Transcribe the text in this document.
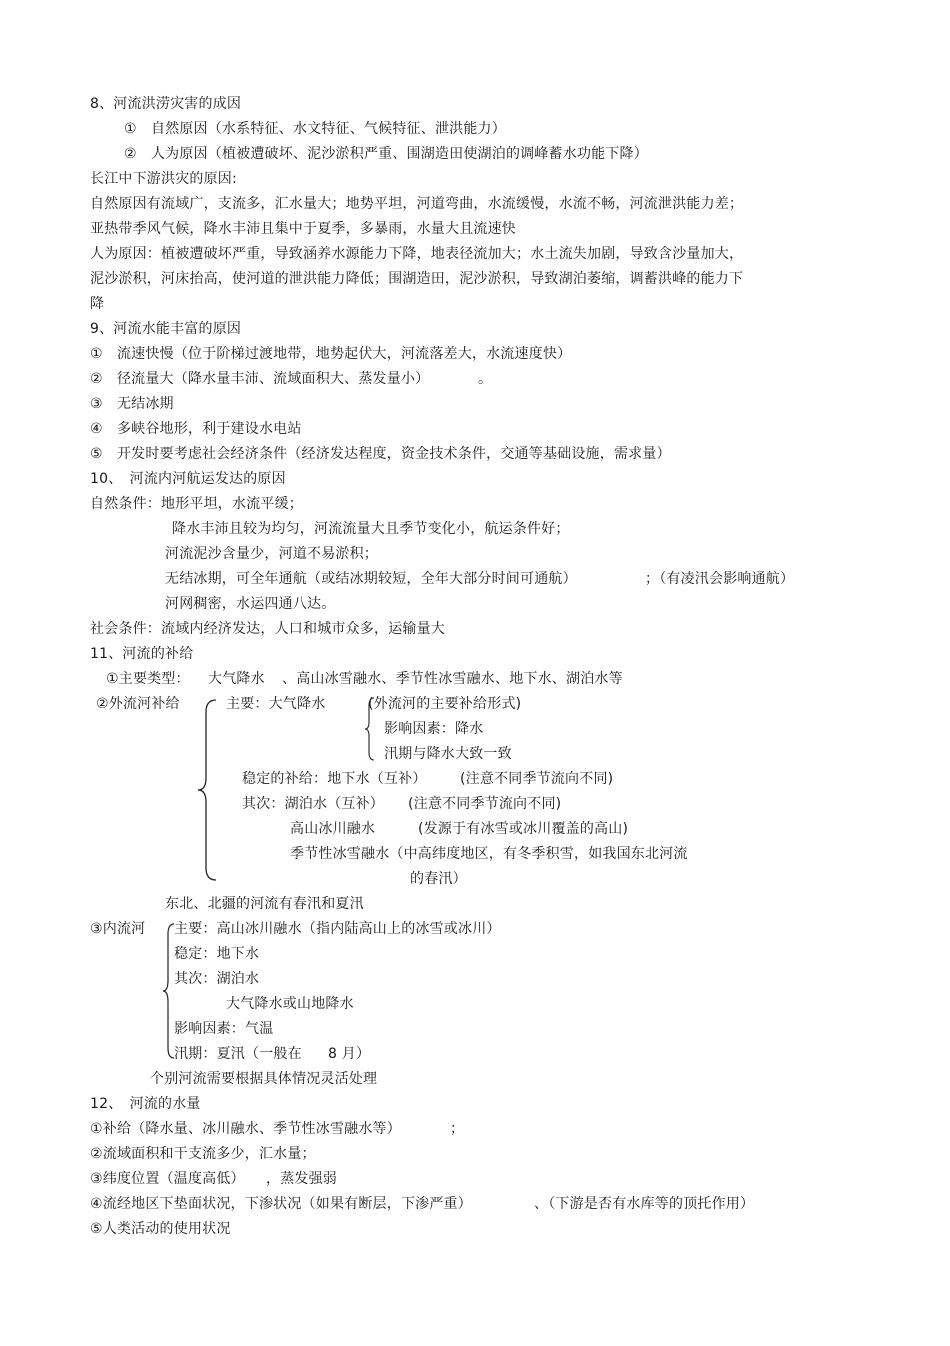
8、河流洪涝灾害的成因
①　自然原因（水系特征、水文特征、气候特征、泄洪能力）
②　人为原因（植被遭破坏、泥沙淤积严重、围湖造田使湖泊的调峰蓄水功能下降）
长江中下游洪灾的原因:
自然原因有流域广，支流多，汇水量大；地势平坦，河道弯曲，水流缓慢，水流不畅，河流泄洪能力差；
亚热带季风气候，降水丰沛且集中于夏季，多暴雨，水量大且流速快
人为原因：植被遭破坏严重，导致涵养水源能力下降，地表径流加大；水土流失加剧，导致含沙量加大，
泥沙淤积，河床抬高，使河道的泄洪能力降低；围湖造田，泥沙淤积，导致湖泊萎缩，调蓄洪峰的能力下
降
9、河流水能丰富的原因
①　流速快慢（位于阶梯过渡地带，地势起伏大，河流落差大，水流速度快）
②　径流量大（降水量丰沛、流域面积大、蒸发量小）	。
③　无结冰期
④　多峡谷地形，利于建设水电站
⑤　开发时要考虑社会经济条件（经济发达程度，资金技术条件，交通等基础设施，需求量）
10、　河流内河航运发达的原因
自然条件：地形平坦，水流平缓；
降水丰沛且较为均匀，河流流量大且季节变化小，航运条件好；
河流泥沙含量少，河道不易淤积；
无结冰期，可全年通航（或结冰期较短，全年大部分时间可通航）	；（有凌汛会影响通航）
河网稠密，水运四通八达。
社会条件：流域内经济发达，人口和城市众多，运输量大
11、河流的补给
①主要类型： 大气降水 、高山冰雪融水、季节性冰雪融水、地下水、湖泊水等
②外流河补给	主要：大气降水	(外流河的主要补给形式)
影响因素：降水
汛期与降水大致一致
稳定的补给：地下水（互补） (注意不同季节流向不同)
其次：湖泊水（互补） (注意不同季节流向不同)
高山冰川融水	(发源于有冰雪或冰川覆盖的高山)
季节性冰雪融水（中高纬度地区，有冬季积雪，如我国东北河流
的春汛）
东北、北疆的河流有春汛和夏汛
③内流河 主要：高山冰川融水（指内陆高山上的冰雪或冰川）
稳定：地下水
其次：湖泊水
大气降水或山地降水
影响因素：气温
汛期：夏汛（一般在 8 月）
个别河流需要根据具体情况灵活处理
12、　河流的水量
①补给（降水量、冰川融水、季节性冰雪融水等）	；
②流域面积和干支流多少，汇水量；
③纬度位置（温度高低） ，蒸发强弱
④流经地区下垫面状况，下渗状况（如果有断层，下渗严重）	、（下游是否有水库等的顶托作用）
⑤人类活动的使用状况
